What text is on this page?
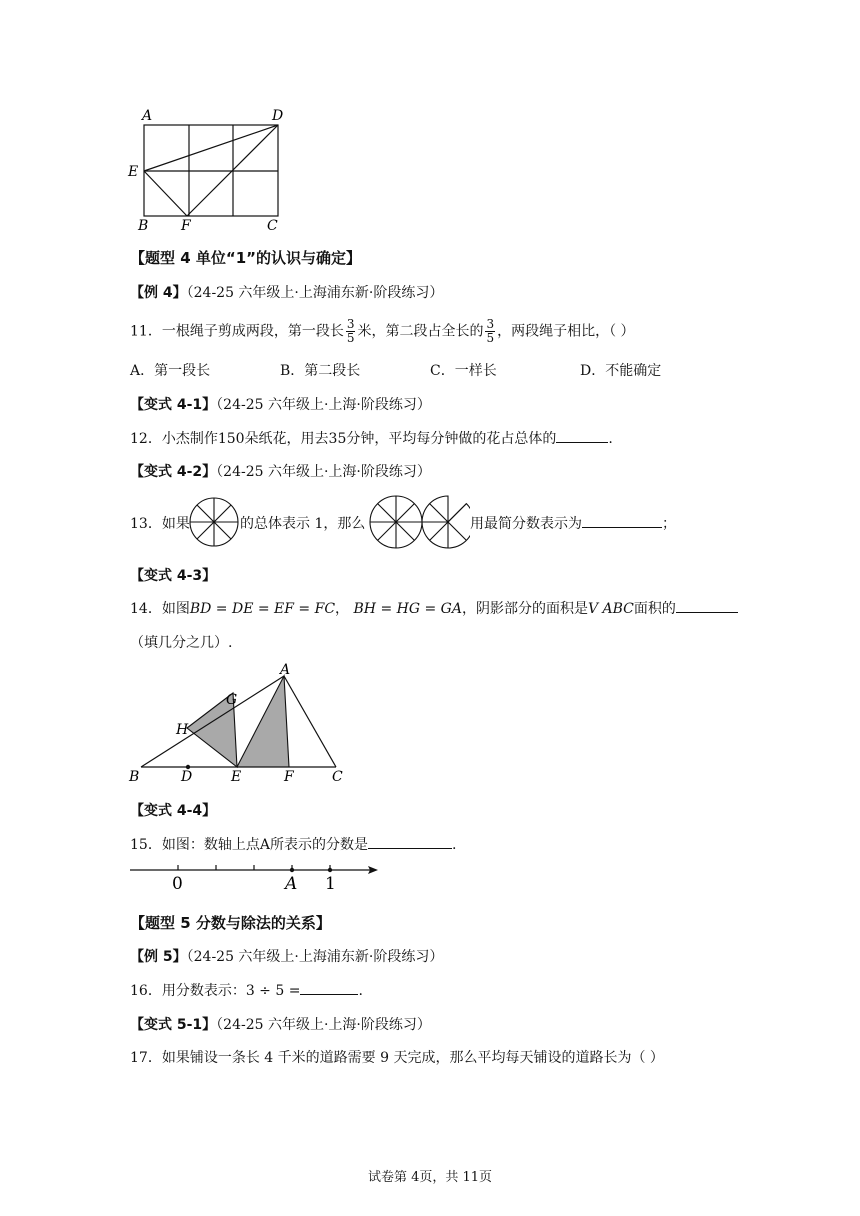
A	D
E
B F	C
【题型 4 单位“1”的认识与确定】
【例 4】（24-25 六年级上·上海浦东新·阶段练习）
11．一根绳子剪成两段，第一段长 $\frac{3}{5}$ 米，第二段占全长的 $\frac{3}{5}$ ，两段绳子相比，（ ）
A．第一段长	B．第二段长	C．一样长	D．不能确定
【变式 4-1】（24-25 六年级上·上海·阶段练习）
12．小杰制作150朵纸花，用去35分钟，平均每分钟做的花占总体的	.
【变式 4-2】（24-25 六年级上·上海·阶段练习）
13．如果	的总体表示 1，那么	用最简分数表示为	；
【变式 4-3】
14．如图BD = DE = EF = FC， BH = HG = GA，阴影部分的面积是V ABC面积的
（填几分之几）.
A
G
H
B	D	E	F	C
【变式 4-4】
15．如图：数轴上点A所表示的分数是	.
0	A 1
【题型 5 分数与除法的关系】
【例 5】（24-25 六年级上·上海浦东新·阶段练习）
16．用分数表示：3 ÷ 5 =	.
【变式 5-1】（24-25 六年级上·上海·阶段练习）
17．如果铺设一条长 4 千米的道路需要 9 天完成，那么平均每天铺设的道路长为（ ）
试卷第 4页，共 11页
